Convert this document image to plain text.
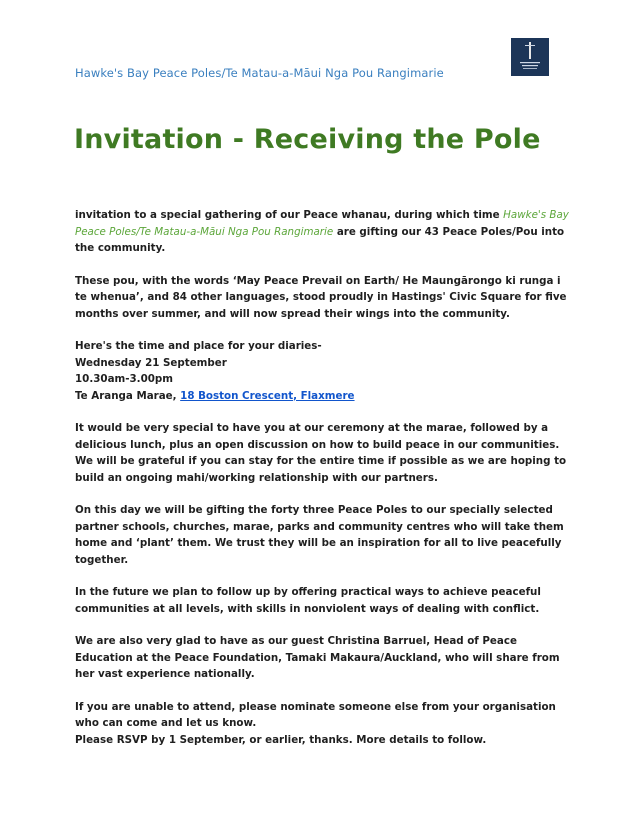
Hawke's Bay Peace Poles/Te Matau-a-Māui Nga Pou Rangimarie
Invitation - Receiving the Pole

invitation to a special gathering of our Peace whanau, during which time Hawke's Bay Peace Poles/Te Matau-a-Māui Nga Pou Rangimarie are gifting our 43 Peace Poles/Pou into the community.

These pou, with the words ‘May Peace Prevail on Earth/ He Maungārongo ki runga i te whenua’, and 84 other languages, stood proudly in Hastings' Civic Square for five months over summer, and will now spread their wings into the community.

Here's the time and place for your diaries-

Wednesday 21 September

10.30am-3.00pm

Te Aranga Marae, 18 Boston Crescent, Flaxmere

It would be very special to have you at our ceremony at the marae, followed by a delicious lunch, plus an open discussion on how to build peace in our communities.

We will be grateful if you can stay for the entire time if possible as we are hoping to build an ongoing mahi/working relationship with our partners.

On this day we will be gifting the forty three Peace Poles to our specially selected partner schools, churches, marae, parks and community centres who will take them home and ‘plant’ them. We trust they will be an inspiration for all to live peacefully together.

In the future we plan to follow up by offering practical ways to achieve peaceful communities at all levels, with skills in nonviolent ways of dealing with conflict.

We are also very glad to have as our guest Christina Barruel, Head of Peace Education at the Peace Foundation, Tamaki Makaura/Auckland, who will share from her vast experience nationally.

If you are unable to attend, please nominate someone else from your organisation who can come and let us know.

Please RSVP by 1 September, or earlier, thanks. More details to follow.
